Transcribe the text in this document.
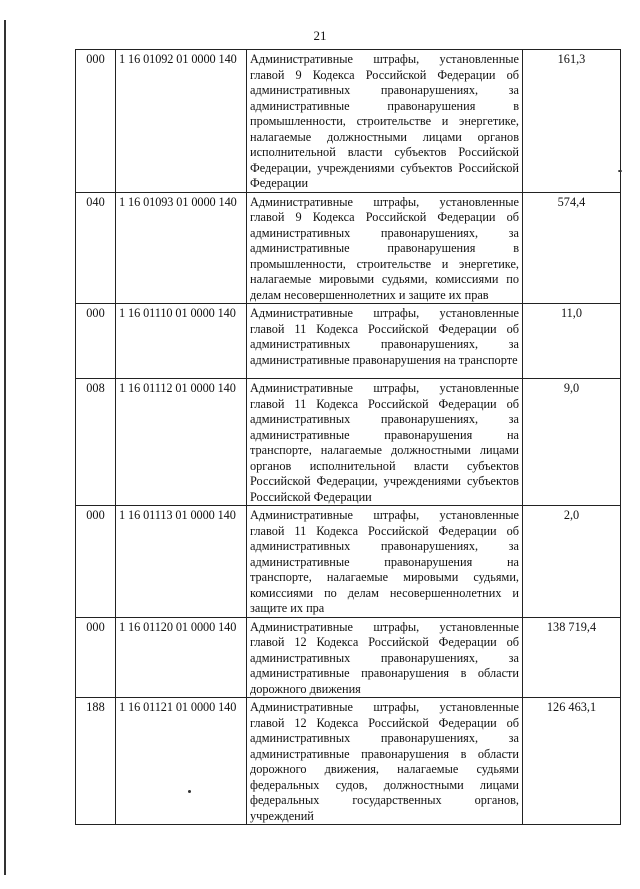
21
000	1 16 01092 01 0000 140	Административные штрафы, установленные главой 9 Кодекса Российской Федерации об административных правонарушениях, за административные правонарушения в промышленности, строительстве и энергетике, налагаемые должностными лицами органов исполнительной власти субъектов Российской Федерации, учреждениями субъектов Российской Федерации	161,3
040	1 16 01093 01 0000 140	Административные штрафы, установленные главой 9 Кодекса Российской Федерации об административных правонарушениях, за административные правонарушения в промышленности, строительстве и энергетике, налагаемые мировыми судьями, комиссиями по делам несовершеннолетних и защите их прав	574,4
000	1 16 01110 01 0000 140	Административные штрафы, установленные главой 11 Кодекса Российской Федерации об административных правонарушениях, за административные правонарушения на транспорте	11,0
008	1 16 01112 01 0000 140	Административные штрафы, установленные главой 11 Кодекса Российской Федерации об административных правонарушениях, за административные правонарушения на транспорте, налагаемые должностными лицами органов исполнительной власти субъектов Российской Федерации, учреждениями субъектов Российской Федерации	9,0
000	1 16 01113 01 0000 140	Административные штрафы, установленные главой 11 Кодекса Российской Федерации об административных правонарушениях, за административные правонарушения на транспорте, налагаемые мировыми судьями, комиссиями по делам несовершеннолетних и защите их пра	2,0
000	1 16 01120 01 0000 140	Административные штрафы, установленные главой 12 Кодекса Российской Федерации об административных правонарушениях, за административные правонарушения в области дорожного движения	138 719,4
188	1 16 01121 01 0000 140	Административные штрафы, установленные главой 12 Кодекса Российской Федерации об административных правонарушениях, за административные правонарушения в области дорожного движения, налагаемые судьями федеральных судов, должностными лицами федеральных государственных органов, учреждений	126 463,1
